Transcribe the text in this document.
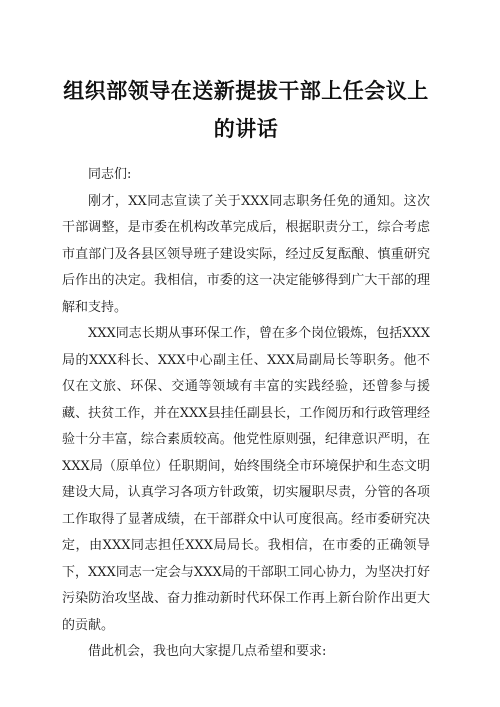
组织部领导在送新提拔干部上任会议上的讲话

同志们:

刚才，XX同志宣读了关于XXX同志职务任免的通知。这次干部调整，是市委在机构改革完成后，根据职责分工，综合考虑市直部门及各县区领导班子建设实际，经过反复酝酿、慎重研究后作出的决定。我相信，市委的这一决定能够得到广大干部的理解和支持。

XXX同志长期从事环保工作，曾在多个岗位锻炼，包括XXX局的XXX科长、XXX中心副主任、XXX局副局长等职务。他不仅在文旅、环保、交通等领域有丰富的实践经验，还曾参与援藏、扶贫工作，并在XXX县挂任副县长，工作阅历和行政管理经验十分丰富，综合素质较高。他党性原则强，纪律意识严明，在XXX局（原单位）任职期间，始终围绕全市环境保护和生态文明建设大局，认真学习各项方针政策，切实履职尽责，分管的各项工作取得了显著成绩，在干部群众中认可度很高。经市委研究决定，由XXX同志担任XXX局局长。我相信，在市委的正确领导下，XXX同志一定会与XXX局的干部职工同心协力，为坚决打好污染防治攻坚战、奋力推动新时代环保工作再上新台阶作出更大的贡献。

借此机会，我也向大家提几点希望和要求:
